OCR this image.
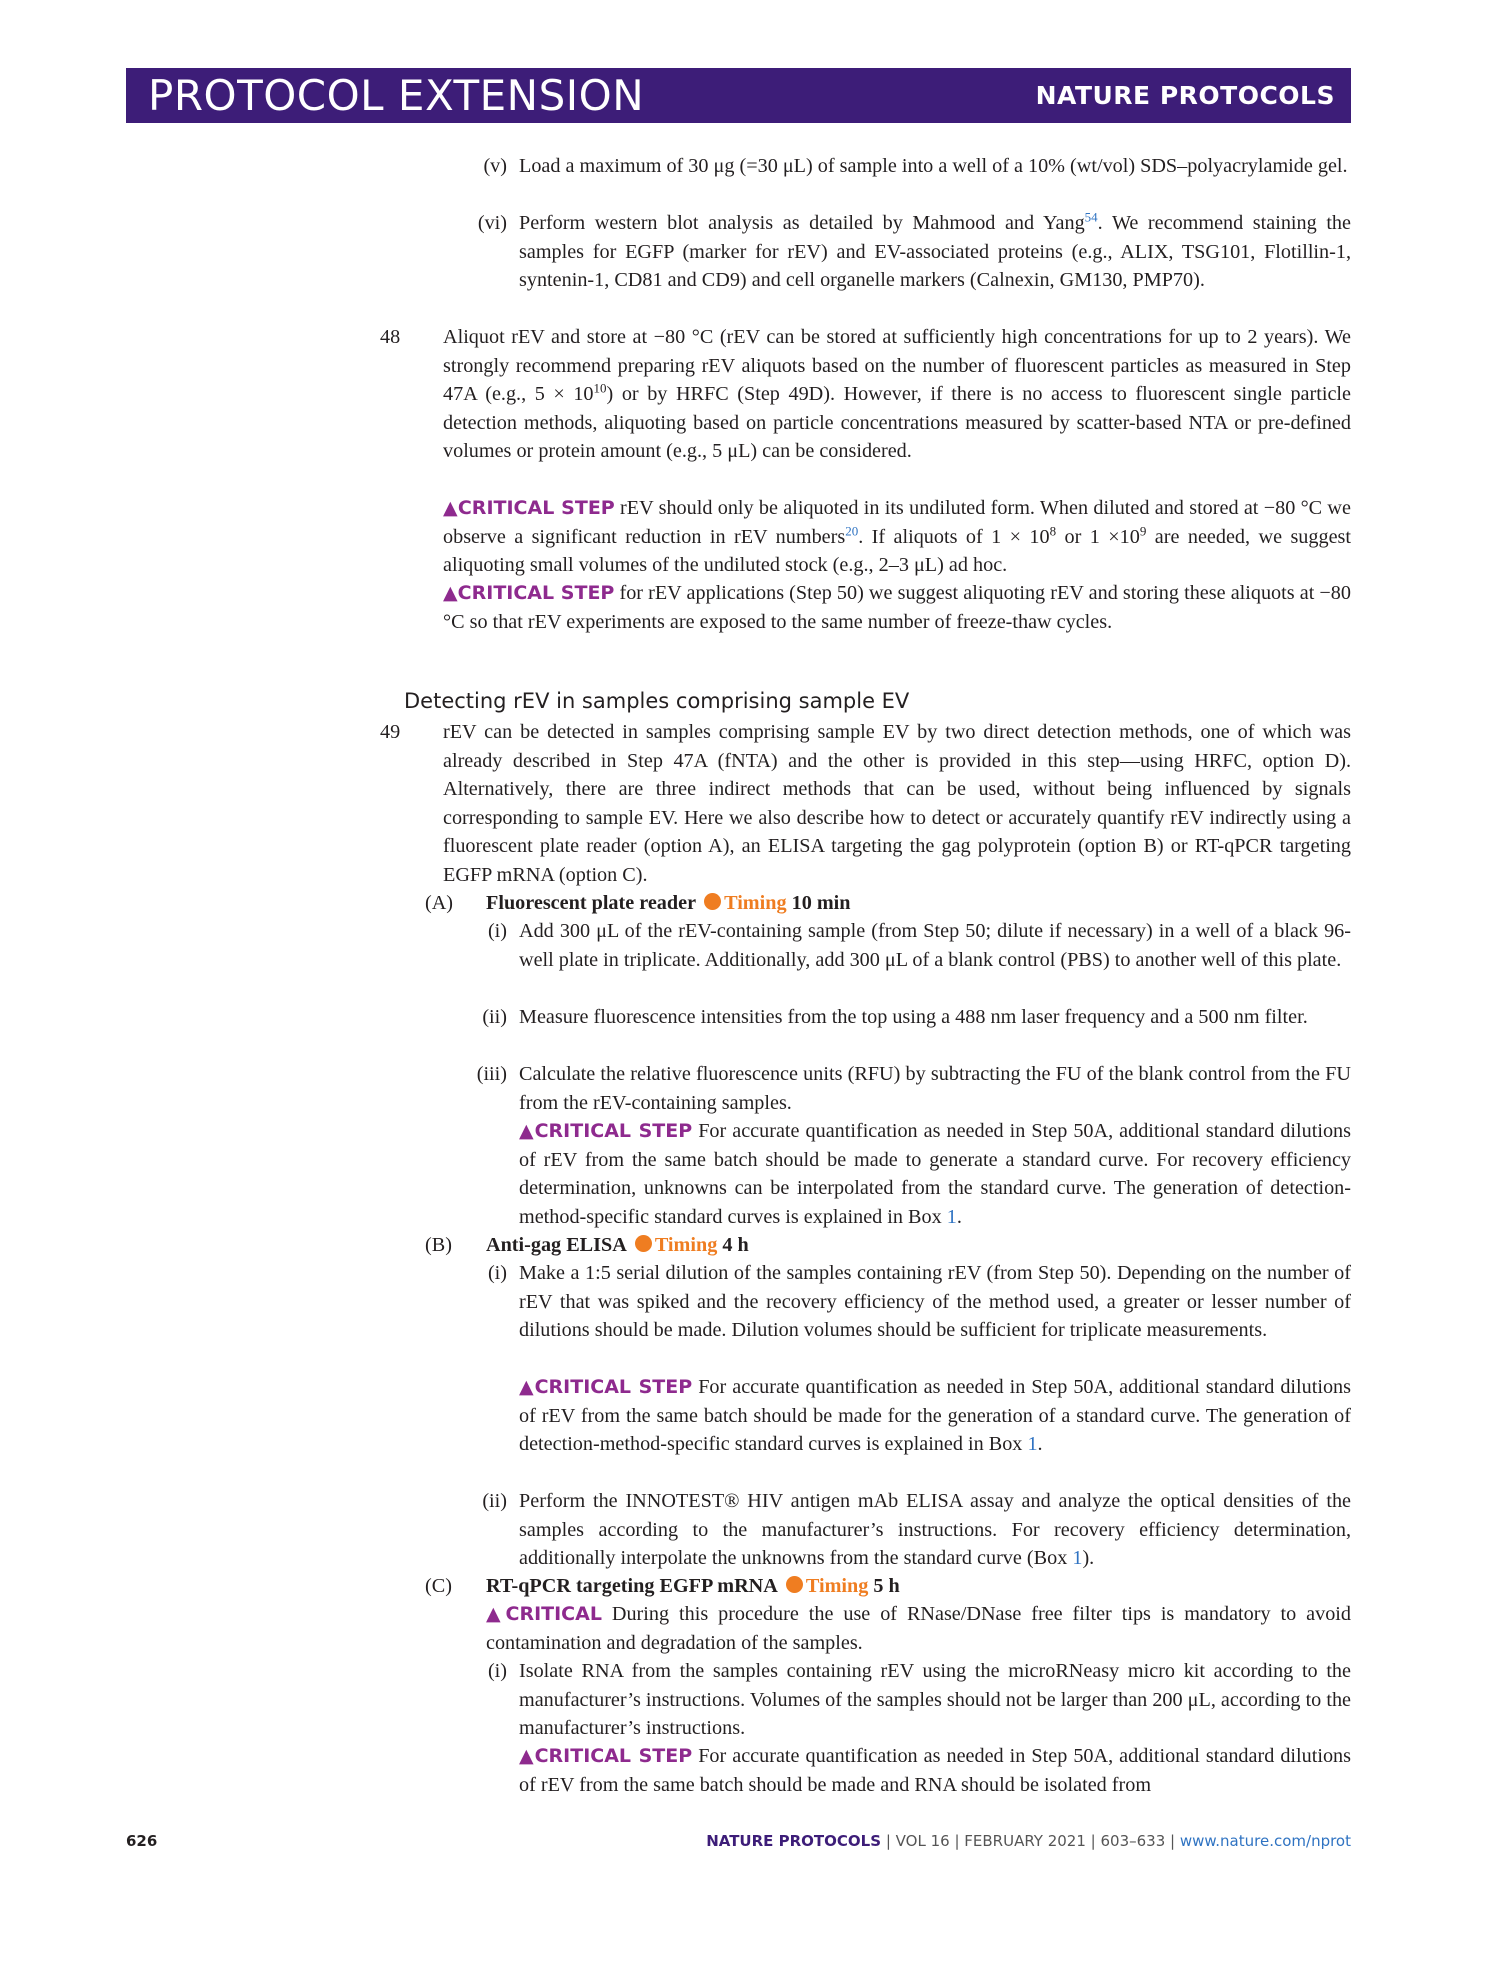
PROTOCOL EXTENSION	NATURE PROTOCOLS
(v) Load a maximum of 30 μg (=30 μL) of sample into a well of a 10% (wt/vol) SDS–polyacrylamide gel.
(vi) Perform western blot analysis as detailed by Mahmood and Yang$^{54}$. We recommend staining the samples for EGFP (marker for rEV) and EV-associated proteins (e.g., ALIX, TSG101, Flotillin-1, syntenin-1, CD81 and CD9) and cell organelle markers (Calnexin, GM130, PMP70).
48	Aliquot rEV and store at −80 °C (rEV can be stored at sufficiently high concentrations for up to 2 years). We strongly recommend preparing rEV aliquots based on the number of fluorescent particles as measured in Step 47A (e.g., $5 \times 10^{10}$) or by HRFC (Step 49D). However, if there is no access to fluorescent single particle detection methods, aliquoting based on particle concentrations measured by scatter-based NTA or pre-defined volumes or protein amount (e.g., 5 μL) can be considered.
▲CRITICAL STEP rEV should only be aliquoted in its undiluted form. When diluted and stored at −80 °C we observe a significant reduction in rEV numbers$^{20}$. If aliquots of $1 \times 10^8$ or $1 \times 10^9$ are needed, we suggest aliquoting small volumes of the undiluted stock (e.g., 2–3 μL) ad hoc.
▲CRITICAL STEP for rEV applications (Step 50) we suggest aliquoting rEV and storing these aliquots at −80 °C so that rEV experiments are exposed to the same number of freeze-thaw cycles.
Detecting rEV in samples comprising sample EV
49	rEV can be detected in samples comprising sample EV by two direct detection methods, one of which was already described in Step 47A (fNTA) and the other is provided in this step—using HRFC, option D). Alternatively, there are three indirect methods that can be used, without being influenced by signals corresponding to sample EV. Here we also describe how to detect or accurately quantify rEV indirectly using a fluorescent plate reader (option A), an ELISA targeting the gag polyprotein (option B) or RT-qPCR targeting EGFP mRNA (option C).
(A)	Fluorescent plate reader Timing 10 min
(i) Add 300 μL of the rEV-containing sample (from Step 50; dilute if necessary) in a well of a black 96-well plate in triplicate. Additionally, add 300 μL of a blank control (PBS) to another well of this plate.
(ii) Measure fluorescence intensities from the top using a 488 nm laser frequency and a 500 nm filter.
(iii) Calculate the relative fluorescence units (RFU) by subtracting the FU of the blank control from the FU from the rEV-containing samples.
▲CRITICAL STEP For accurate quantification as needed in Step 50A, additional standard dilutions of rEV from the same batch should be made to generate a standard curve. For recovery efficiency determination, unknowns can be interpolated from the standard curve. The generation of detection-method-specific standard curves is explained in Box 1.
(B)	Anti-gag ELISA Timing 4 h
(i) Make a 1:5 serial dilution of the samples containing rEV (from Step 50). Depending on the number of rEV that was spiked and the recovery efficiency of the method used, a greater or lesser number of dilutions should be made. Dilution volumes should be sufficient for triplicate measurements.
▲CRITICAL STEP For accurate quantification as needed in Step 50A, additional standard dilutions of rEV from the same batch should be made for the generation of a standard curve. The generation of detection-method-specific standard curves is explained in Box 1.
(ii) Perform the INNOTEST® HIV antigen mAb ELISA assay and analyze the optical densities of the samples according to the manufacturer’s instructions. For recovery efficiency determination, additionally interpolate the unknowns from the standard curve (Box 1).
(C)	RT-qPCR targeting EGFP mRNA Timing 5 h
▲CRITICAL During this procedure the use of RNase/DNase free filter tips is mandatory to avoid contamination and degradation of the samples.
(i) Isolate RNA from the samples containing rEV using the microRNeasy micro kit according to the manufacturer’s instructions. Volumes of the samples should not be larger than 200 μL, according to the manufacturer’s instructions.
▲CRITICAL STEP For accurate quantification as needed in Step 50A, additional standard dilutions of rEV from the same batch should be made and RNA should be isolated from
626	NATURE PROTOCOLS | VOL 16 | FEBRUARY 2021 | 603–633 | www.nature.com/nprot
